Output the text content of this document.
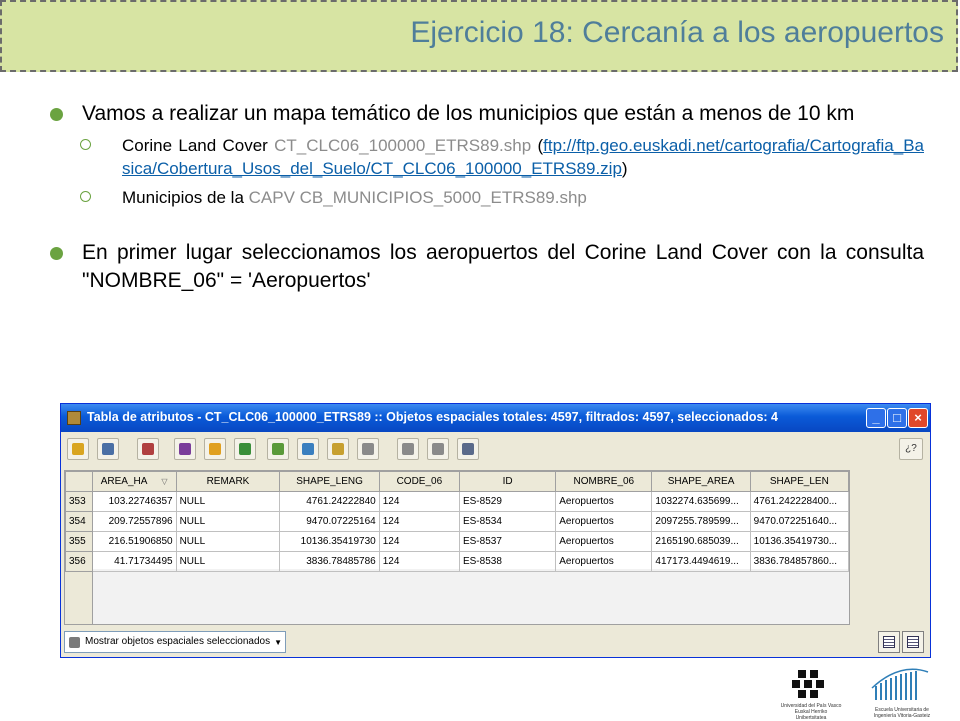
Ejercicio 18: Cercanía a los aeropuertos
Vamos a realizar un mapa temático de los municipios que están a menos de 10 km
Corine Land Cover CT_CLC06_100000_ETRS89.shp (ftp://ftp.geo.euskadi.net/cartografia/Cartografia_Basica/Cobertura_Usos_del_Suelo/CT_CLC06_100000_ETRS89.zip)
Municipios de la CAPV CB_MUNICIPIOS_5000_ETRS89.shp
En primer lugar seleccionamos los aeropuertos del Corine Land Cover con la consulta "NOMBRE_06" = 'Aeropuertos'
Tabla de atributos - CT_CLC06_100000_ETRS89 :: Objetos espaciales totales: 4597, filtrados: 4597, seleccionados: 4	_	□	×
¿?
	AREA_HA ▽	REMARK	SHAPE_LENG	CODE_06	ID	NOMBRE_06	SHAPE_AREA	SHAPE_LEN
353	103.22746357	NULL	4761.24222840	124	ES-8529	Aeropuertos	1032274.635699...	4761.242228400...
354	209.72557896	NULL	9470.07225164	124	ES-8534	Aeropuertos	2097255.789599...	9470.072251640...
355	216.51906850	NULL	10136.35419730	124	ES-8537	Aeropuertos	2165190.685039...	10136.35419730...
356	41.71734495	NULL	3836.78485786	124	ES-8538	Aeropuertos	417173.4494619...	3836.784857860...
Mostrar objetos espaciales seleccionados ▼
Universidad del País Vasco Euskal Herriko Unibertsitatea
Escuela Universitaria de Ingeniería Vitoria-Gasteiz
